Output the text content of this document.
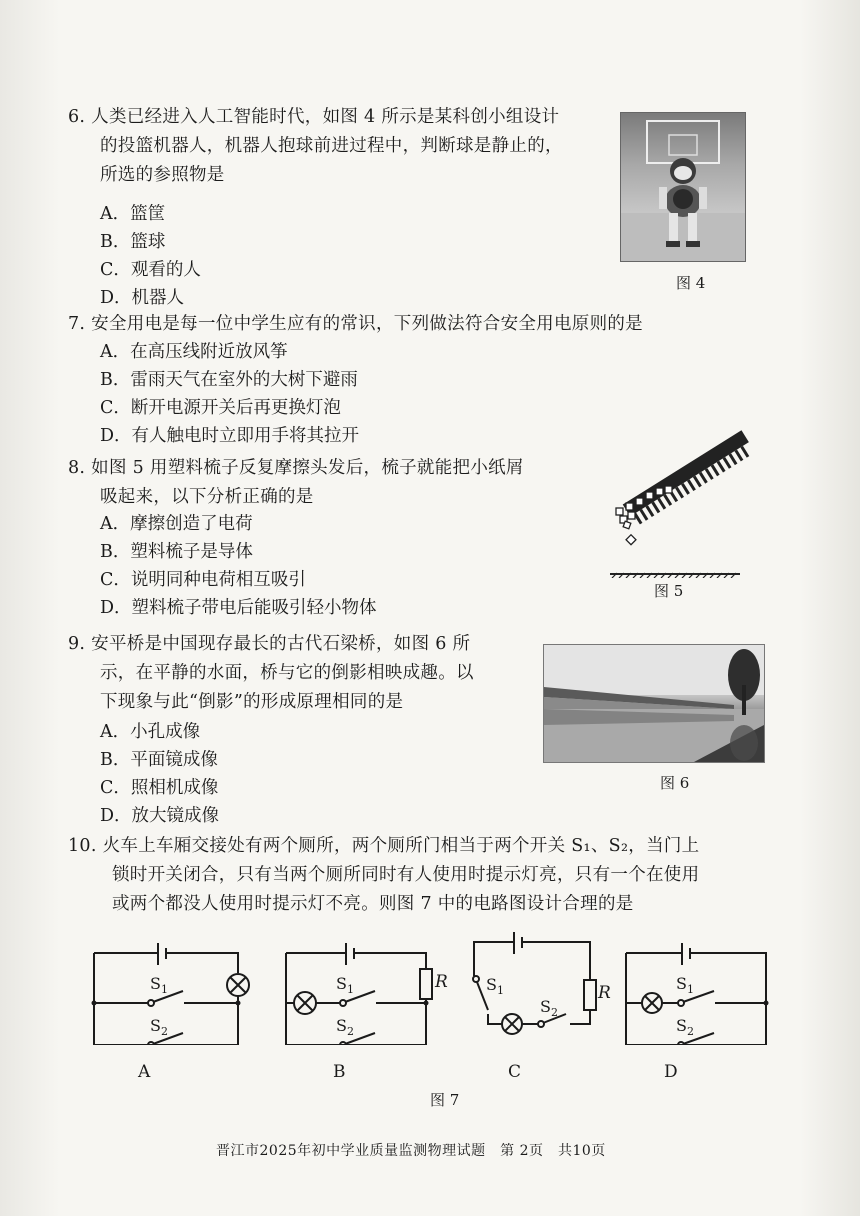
6. 人类已经进入人工智能时代，如图 4 所示是某科创小组设计
的投篮机器人，机器人抱球前进过程中，判断球是静止的，
所选的参照物是
A．篮筐
B．篮球
C．观看的人
D．机器人
图 4
7. 安全用电是每一位中学生应有的常识，下列做法符合安全用电原则的是
A．在高压线附近放风筝
B．雷雨天气在室外的大树下避雨
C．断开电源开关后再更换灯泡
D．有人触电时立即用手将其拉开
8. 如图 5 用塑料梳子反复摩擦头发后，梳子就能把小纸屑
吸起来，以下分析正确的是
A．摩擦创造了电荷
B．塑料梳子是导体
C．说明同种电荷相互吸引
D．塑料梳子带电后能吸引轻小物体
图 5
9. 安平桥是中国现存最长的古代石梁桥，如图 6 所
示，在平静的水面，桥与它的倒影相映成趣。以
下现象与此“倒影”的形成原理相同的是
A．小孔成像
B．平面镜成像
C．照相机成像
D．放大镜成像
图 6
10. 火车上车厢交接处有两个厕所，两个厕所门相当于两个开关 S₁、S₂，当门上
锁时开关闭合，只有当两个厕所同时有人使用时提示灯亮，只有一个在使用
或两个都没人使用时提示灯不亮。则图 7 中的电路图设计合理的是
$S_1$
$S_2$
A
$S_1$
$S_2$
R
B
$S_1$
$S_2$
R
C
$S_1$
$S_2$
D
图 7
晋江市2025年初中学业质量监测物理试题　第 2页　共10页
